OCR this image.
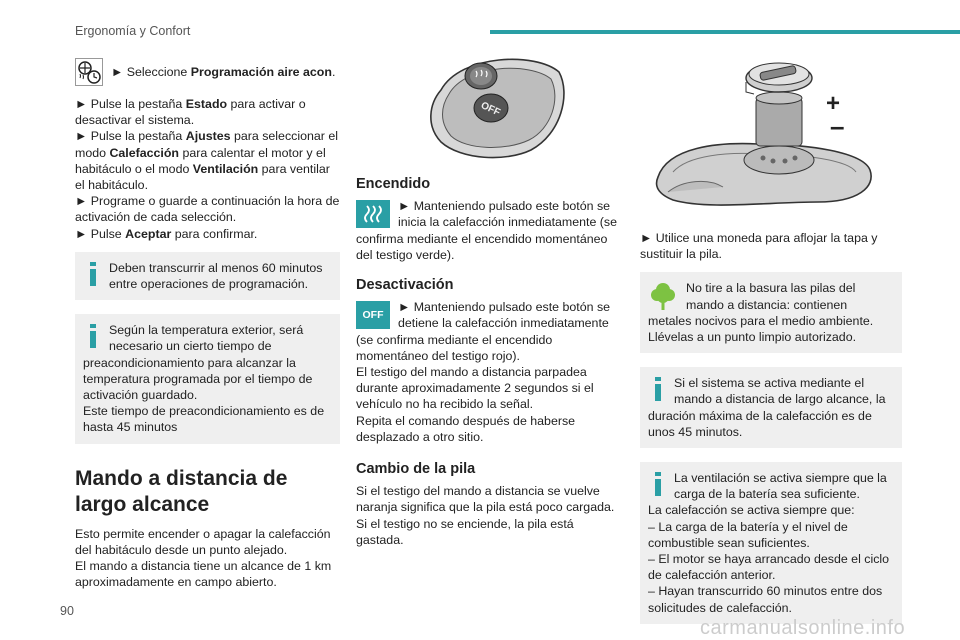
Ergonomía y Confort

► Seleccione Programación aire acon.

► Pulse la pestaña Estado para activar o desactivar el sistema.

► Pulse la pestaña Ajustes para seleccionar el modo Calefacción para calentar el motor y el habitáculo o el modo Ventilación para ventilar el habitáculo.

► Programe o guarde a continuación la hora de activación de cada selección.

► Pulse Aceptar para confirmar.

Deben transcurrir al menos 60 minutos entre operaciones de programación.

Según la temperatura exterior, será necesario un cierto tiempo de preacondicionamiento para alcanzar la temperatura programada por el tiempo de activación guardado.

Este tiempo de preacondicionamiento es de hasta 45 minutos

Mando a distancia de largo alcance

Esto permite encender o apagar la calefacción del habitáculo desde un punto alejado.

El mando a distancia tiene un alcance de 1 km aproximadamente en campo abierto.

OFF
Encendido

► Manteniendo pulsado este botón se inicia la calefacción inmediatamente (se confirma mediante el encendido momentáneo del testigo verde).

Desactivación
OFF

► Manteniendo pulsado este botón se detiene la calefacción inmediatamente (se confirma mediante el encendido momentáneo del testigo rojo).

El testigo del mando a distancia parpadea durante aproximadamente 2 segundos si el vehículo no ha recibido la señal.

Repita el comando después de haberse desplazado a otro sitio.

Cambio de la pila

Si el testigo del mando a distancia se vuelve naranja significa que la pila está poco cargada.

Si el testigo no se enciende, la pila está gastada.

+
–

► Utilice una moneda para aflojar la tapa y sustituir la pila.

No tire a la basura las pilas del mando a distancia: contienen metales nocivos para el medio ambiente. Llévelas a un punto limpio autorizado.

Si el sistema se activa mediante el mando a distancia de largo alcance, la duración máxima de la calefacción es de unos 45 minutos.

La ventilación se activa siempre que la carga de la batería sea suficiente.

La calefacción se activa siempre que:

– La carga de la batería y el nivel de combustible sean suficientes.

– El motor se haya arrancado desde el ciclo de calefacción anterior.

– Hayan transcurrido 60 minutos entre dos solicitudes de calefacción.

90
carmanualsonline.info
